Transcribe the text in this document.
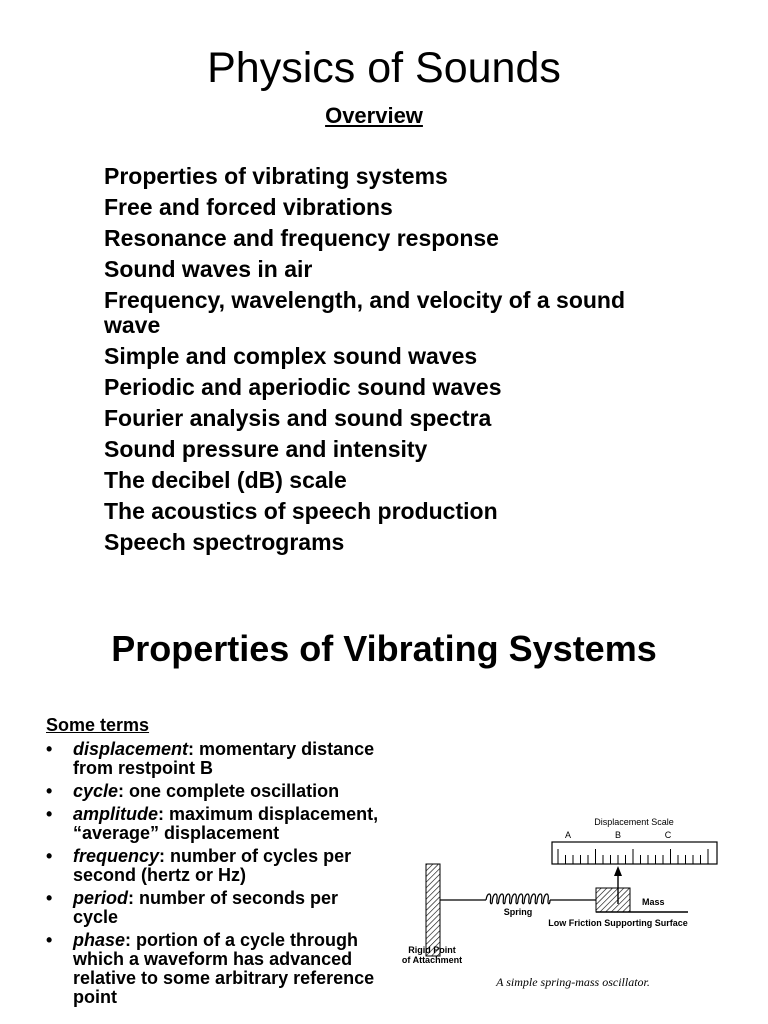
Physics of Sounds
Overview
Properties of vibrating systems
Free and forced vibrations
Resonance and frequency response
Sound waves in air
Frequency, wavelength, and velocity of a sound wave
Simple and complex sound waves
Periodic and aperiodic sound waves
Fourier analysis and sound spectra
Sound pressure and intensity
The decibel (dB) scale
The acoustics of speech production
Speech spectrograms
Properties of Vibrating Systems
Some terms
• displacement: momentary distance from restpoint B
• cycle: one complete oscillation
• amplitude: maximum displacement, “average” displacement
• frequency: number of cycles per second (hertz or Hz)
• period: number of seconds per cycle
• phase: portion of a cycle through which a waveform has advanced relative to some arbitrary reference point
Displacement Scale
A	B	C
Mass
Spring
Low Friction Supporting Surface
Rigid Point
of Attachment
A simple spring-mass oscillator.
